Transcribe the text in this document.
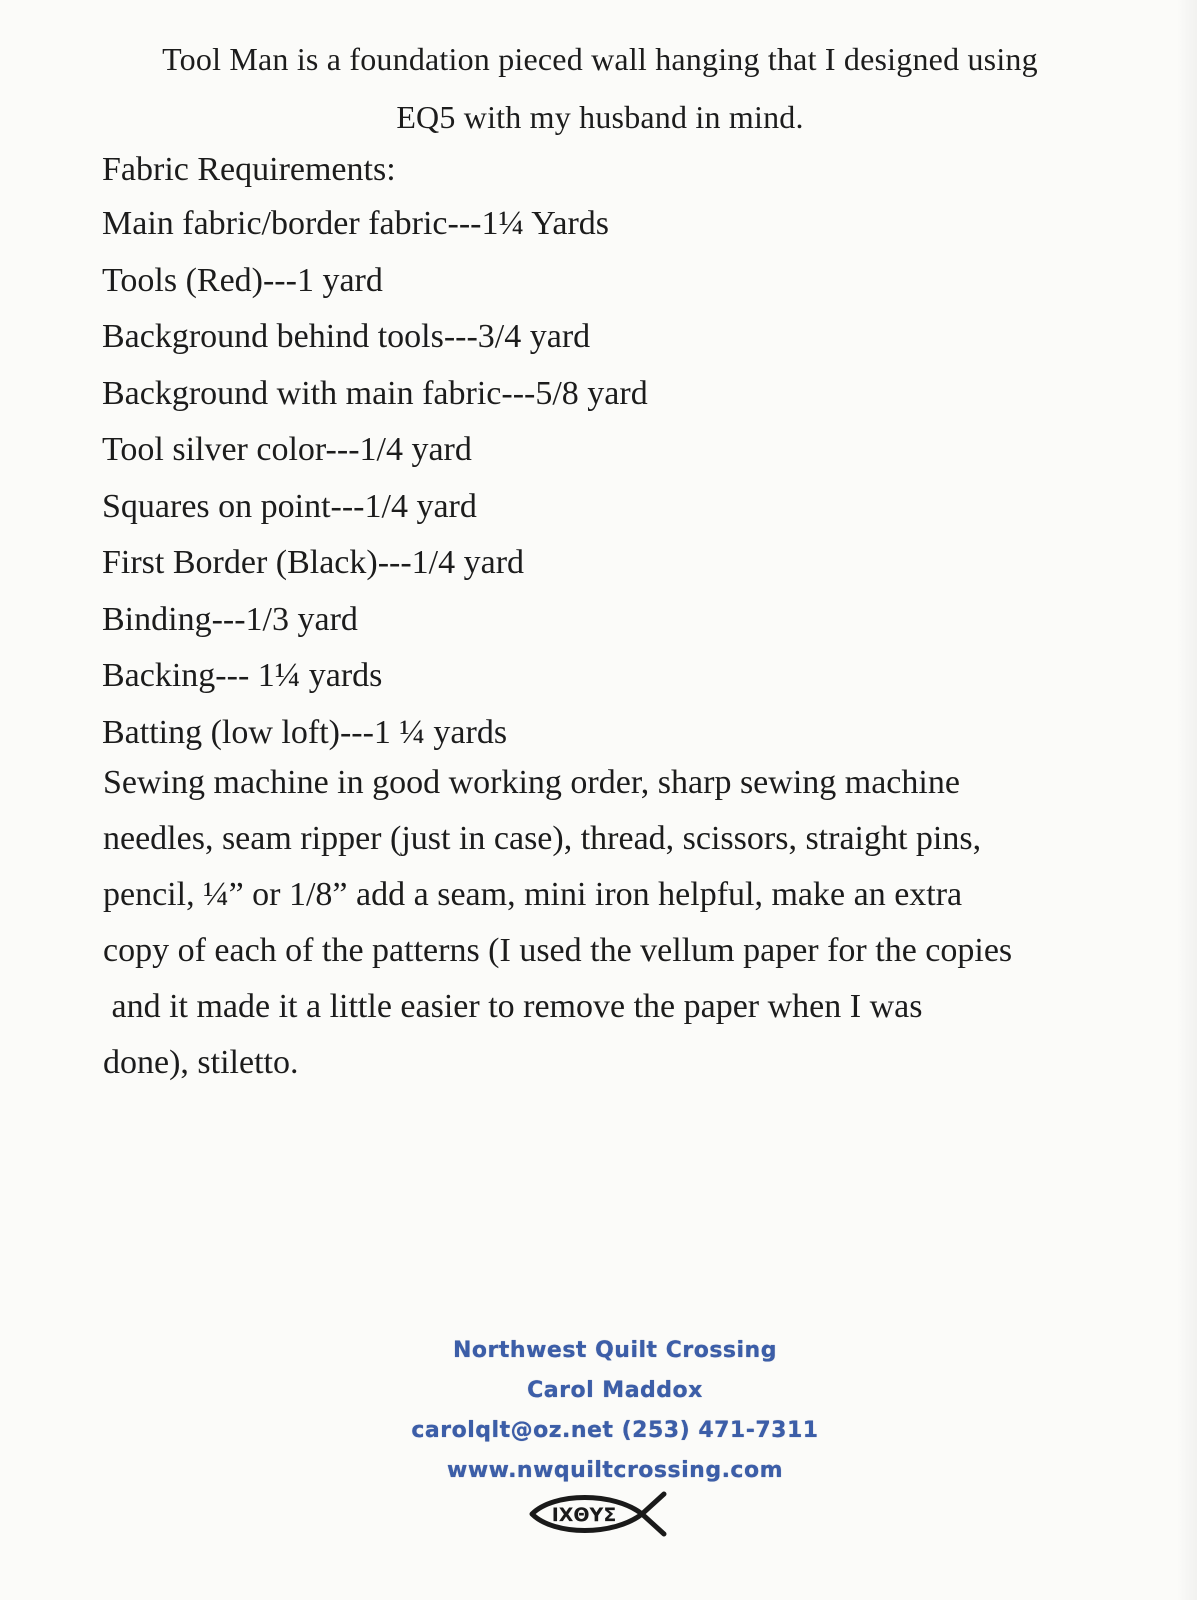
Tool Man is a foundation pieced wall hanging that I designed using
EQ5 with my husband in mind.
Fabric Requirements:
Main fabric/border fabric---1¼ Yards
Tools (Red)---1 yard
Background behind tools---3/4 yard
Background with main fabric---5/8 yard
Tool silver color---1/4 yard
Squares on point---1/4 yard
First Border (Black)---1/4 yard
Binding---1/3 yard
Backing--- 1¼ yards
Batting (low loft)---1 ¼ yards
Sewing machine in good working order, sharp sewing machine
needles, seam ripper (just in case), thread, scissors, straight pins,
pencil, ¼” or 1/8” add a seam, mini iron helpful, make an extra
copy of each of the patterns (I used the vellum paper for the copies
and it made it a little easier to remove the paper when I was
done), stiletto.
Northwest Quilt Crossing
Carol Maddox
carolqlt@oz.net (253) 471-7311
www.nwquiltcrossing.com
ΙΧΘΥΣ
